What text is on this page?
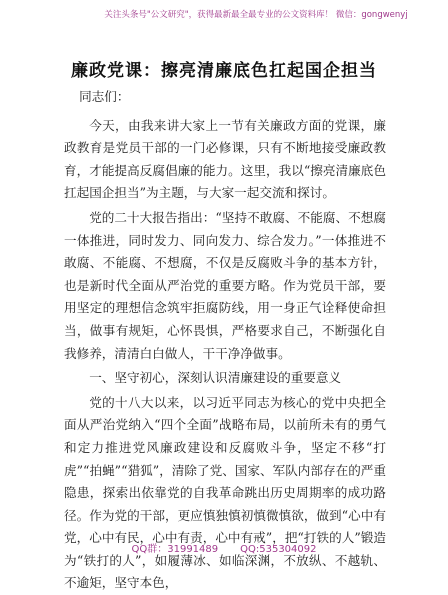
关注头条号"公文研究"，获得最新最全最专业的公文资料库！ 微信：gongwenyj
廉政党课：擦亮清廉底色扛起国企担当

同志们：

今天，由我来讲大家上一节有关廉政方面的党课，廉政教育是党员干部的一门必修课，只有不断地接受廉政教育，才能提高反腐倡廉的能力。这里，我以“擦亮清廉底色扛起国企担当”为主题，与大家一起交流和探讨。

党的二十大报告指出：“坚持不敢腐、不能腐、不想腐一体推进，同时发力、同向发力、综合发力。”一体推进不敢腐、不能腐、不想腐，不仅是反腐败斗争的基本方针，也是新时代全面从严治党的重要方略。作为党员干部，要用坚定的理想信念筑牢拒腐防线，用一身正气诠释使命担当，做事有规矩，心怀畏惧，严格要求自己，不断强化自我修养，清清白白做人，干干净净做事。

一、坚守初心，深刻认识清廉建设的重要意义

党的十八大以来，以习近平同志为核心的党中央把全面从严治党纳入“四个全面”战略布局，以前所未有的勇气和定力推进党风廉政建设和反腐败斗争，坚定不移“打虎”“拍蝇”“猎狐”，清除了党、国家、军队内部存在的严重隐患，探索出依靠党的自我革命跳出历史周期率的成功路径。作为党的干部，更应慎独慎初慎微慎欲，做到“心中有党，心中有民，心中有责，心中有戒”，把“打铁的人”锻造为“铁打的人”，如履薄冰、如临深渊，不放纵、不越轨、不逾矩，坚守本色，

QQ群：31991489 QQ:535304092
